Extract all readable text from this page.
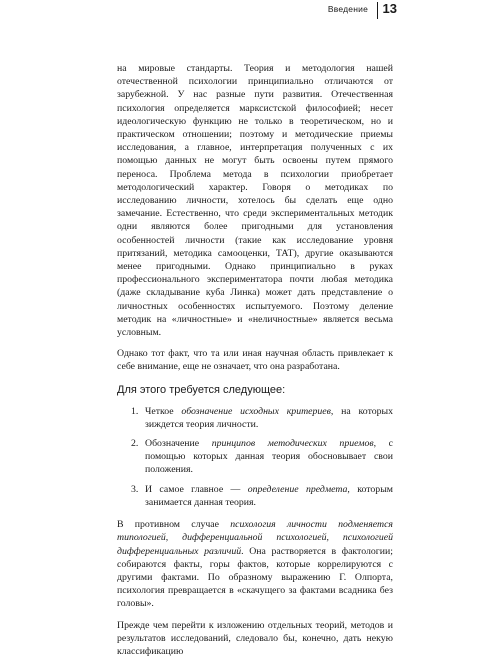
Введение 13

на мировые стандарты. Теория и методология нашей отечественной психологии принципиально отличаются от зарубежной. У нас разные пути развития. Отечественная психология определяется марксистской философией; несет идеологическую функцию не только в теоретическом, но и практическом отношении; поэтому и методические приемы исследования, а главное, интерпретация полученных с их помощью данных не могут быть освоены путем прямого переноса. Проблема метода в психологии приобретает методологический характер. Говоря о методиках по исследованию личности, хотелось бы сделать еще одно замечание. Естественно, что среди экспериментальных методик одни являются более пригодными для установления особенностей личности (такие как исследование уровня притязаний, методика самооценки, ТАТ), другие оказываются менее пригодными. Однако принципиально в руках профессионального экспериментатора почти любая методика (даже складывание куба Линка) может дать представление о личностных особенностях испытуемого. Поэтому деление методик на «личностные» и «неличностные» является весьма условным.

Однако тот факт, что та или иная научная область привлекает к себе внимание, еще не означает, что она разработана.

Для этого требуется следующее:
1. Четкое обозначение исходных критериев, на которых зиждется теория личности.
2. Обозначение принципов методических приемов, с помощью которых данная теория обосновывает свои положения.
3. И самое главное — определение предмета, которым занимается данная теория.

В противном случае психология личности подменяется типологией, дифференциальной психологией, психологией дифференциальных различий. Она растворяется в фактологии; собираются факты, горы фактов, которые коррелируются с другими фактами. По образному выражению Г. Олпорта, психология превращается в «скачущего за фактами всадника без головы».

Прежде чем перейти к изложению отдельных теорий, методов и результатов исследований, следовало бы, конечно, дать некую классификацию
